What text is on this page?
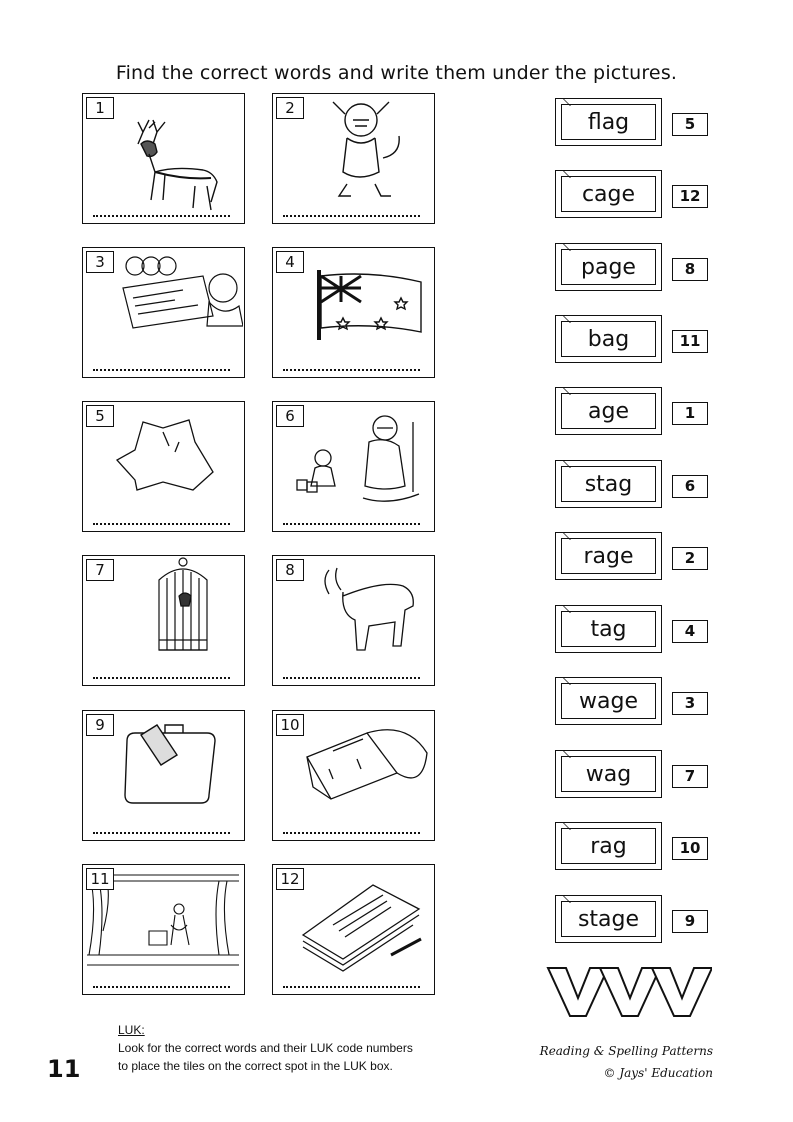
Find the correct words and write them under the pictures.
1	2
3	4
5	6
7	8
9	10
11	12
flag	5
cage	12
page	8
bag	11
age	1
stag	6
rage	2
tag	4
wage	3
wag	7
rag	10
stage	9
LUK:
Look for the correct words and their LUK code numbers
to place the tiles on the correct spot in the LUK box.
11
Reading & Spelling Patterns
© Jays' Education
